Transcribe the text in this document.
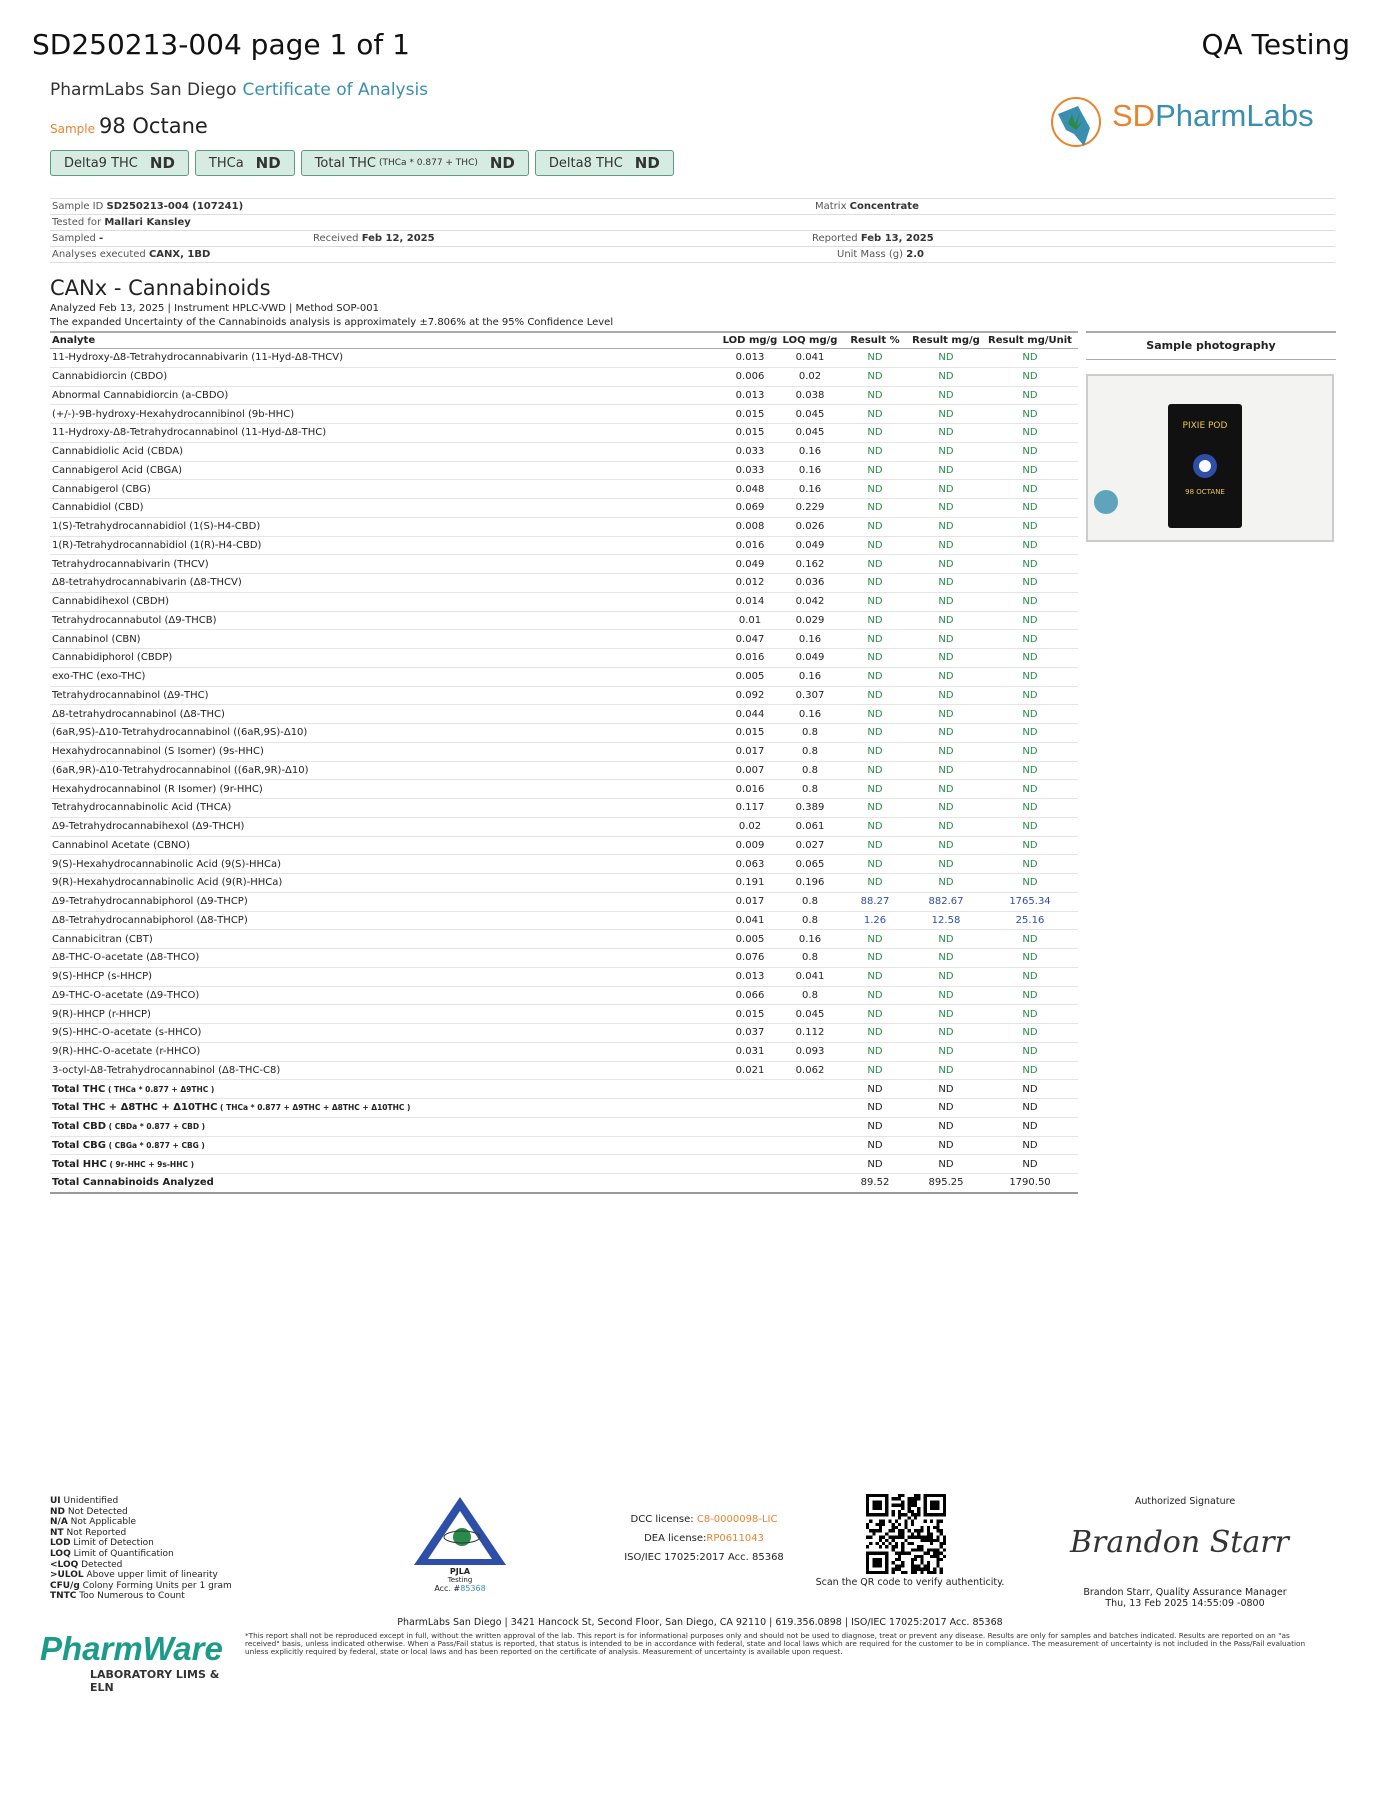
SD250213-004 page 1 of 1	QA Testing
PharmLabs San Diego Certificate of Analysis
Sample 98 Octane	SDPharmLabs
Delta9 THC ND	THCa ND	Total THC (THCa * 0.877 + THC) ND	Delta8 THC ND
Sample ID SD250213-004 (107241)	Matrix Concentrate
Tested for Mallari Kansley
Sampled -	Received Feb 12, 2025	Reported Feb 13, 2025
Analyses executed CANX, 1BD	Unit Mass (g) 2.0
CANx - Cannabinoids
Analyzed Feb 13, 2025 | Instrument HPLC-VWD | Method SOP-001
The expanded Uncertainty of the Cannabinoids analysis is approximately ±7.806% at the 95% Confidence Level
Analyte	LOD mg/g	LOQ mg/g	Result %	Result mg/g	Result mg/Unit
11-Hydroxy-Δ8-Tetrahydrocannabivarin (11-Hyd-Δ8-THCV)	0.013	0.041	ND	ND	ND
Cannabidiorcin (CBDO)	0.006	0.02	ND	ND	ND
Abnormal Cannabidiorcin (a-CBDO)	0.013	0.038	ND	ND	ND
(+/-)-9B-hydroxy-Hexahydrocannibinol (9b-HHC)	0.015	0.045	ND	ND	ND
11-Hydroxy-Δ8-Tetrahydrocannabinol (11-Hyd-Δ8-THC)	0.015	0.045	ND	ND	ND
Cannabidiolic Acid (CBDA)	0.033	0.16	ND	ND	ND
Cannabigerol Acid (CBGA)	0.033	0.16	ND	ND	ND
Cannabigerol (CBG)	0.048	0.16	ND	ND	ND
Cannabidiol (CBD)	0.069	0.229	ND	ND	ND
1(S)-Tetrahydrocannabidiol (1(S)-H4-CBD)	0.008	0.026	ND	ND	ND
1(R)-Tetrahydrocannabidiol (1(R)-H4-CBD)	0.016	0.049	ND	ND	ND
Tetrahydrocannabivarin (THCV)	0.049	0.162	ND	ND	ND
Δ8-tetrahydrocannabivarin (Δ8-THCV)	0.012	0.036	ND	ND	ND
Cannabidihexol (CBDH)	0.014	0.042	ND	ND	ND
Tetrahydrocannabutol (Δ9-THCB)	0.01	0.029	ND	ND	ND
Cannabinol (CBN)	0.047	0.16	ND	ND	ND
Cannabidiphorol (CBDP)	0.016	0.049	ND	ND	ND
exo-THC (exo-THC)	0.005	0.16	ND	ND	ND
Tetrahydrocannabinol (Δ9-THC)	0.092	0.307	ND	ND	ND
Δ8-tetrahydrocannabinol (Δ8-THC)	0.044	0.16	ND	ND	ND
(6aR,9S)-Δ10-Tetrahydrocannabinol ((6aR,9S)-Δ10)	0.015	0.8	ND	ND	ND
Hexahydrocannabinol (S Isomer) (9s-HHC)	0.017	0.8	ND	ND	ND
(6aR,9R)-Δ10-Tetrahydrocannabinol ((6aR,9R)-Δ10)	0.007	0.8	ND	ND	ND
Hexahydrocannabinol (R Isomer) (9r-HHC)	0.016	0.8	ND	ND	ND
Tetrahydrocannabinolic Acid (THCA)	0.117	0.389	ND	ND	ND
Δ9-Tetrahydrocannabihexol (Δ9-THCH)	0.02	0.061	ND	ND	ND
Cannabinol Acetate (CBNO)	0.009	0.027	ND	ND	ND
9(S)-Hexahydrocannabinolic Acid (9(S)-HHCa)	0.063	0.065	ND	ND	ND
9(R)-Hexahydrocannabinolic Acid (9(R)-HHCa)	0.191	0.196	ND	ND	ND
Δ9-Tetrahydrocannabiphorol (Δ9-THCP)	0.017	0.8	88.27	882.67	1765.34
Δ8-Tetrahydrocannabiphorol (Δ8-THCP)	0.041	0.8	1.26	12.58	25.16
Cannabicitran (CBT)	0.005	0.16	ND	ND	ND
Δ8-THC-O-acetate (Δ8-THCO)	0.076	0.8	ND	ND	ND
9(S)-HHCP (s-HHCP)	0.013	0.041	ND	ND	ND
Δ9-THC-O-acetate (Δ9-THCO)	0.066	0.8	ND	ND	ND
9(R)-HHCP (r-HHCP)	0.015	0.045	ND	ND	ND
9(S)-HHC-O-acetate (s-HHCO)	0.037	0.112	ND	ND	ND
9(R)-HHC-O-acetate (r-HHCO)	0.031	0.093	ND	ND	ND
3-octyl-Δ8-Tetrahydrocannabinol (Δ8-THC-C8)	0.021	0.062	ND	ND	ND
Total THC ( THCa * 0.877 + Δ9THC )			ND	ND	ND
Total THC + Δ8THC + Δ10THC ( THCa * 0.877 + Δ9THC + Δ8THC + Δ10THC )			ND	ND	ND
Total CBD ( CBDa * 0.877 + CBD )			ND	ND	ND
Total CBG ( CBGa * 0.877 + CBG )			ND	ND	ND
Total HHC ( 9r-HHC + 9s-HHC )			ND	ND	ND
Total Cannabinoids Analyzed			89.52	895.25	1790.50
Sample photography
PIXIE POD
98 OCTANE
UI Unidentified
ND Not Detected
N/A Not Applicable
NT Not Reported
LOD Limit of Detection
LOQ Limit of Quantification
<LOQ Detected
>ULOL Above upper limit of linearity
CFU/g Colony Forming Units per 1 gram
TNTC Too Numerous to Count
PJLA
Testing
Acc. #85368
DCC license: C8-0000098-LIC
DEA license:RP0611043
ISO/IEC 17025:2017 Acc. 85368
Scan the QR code to verify authenticity.
Authorized Signature
Brandon Starr
Brandon Starr, Quality Assurance Manager
Thu, 13 Feb 2025 14:55:09 -0800
PharmLabs San Diego | 3421 Hancock St, Second Floor, San Diego, CA 92110 | 619.356.0898 | ISO/IEC 17025:2017 Acc. 85368
*This report shall not be reproduced except in full, without the written approval of the lab. This report is for informational purposes only and should not be used to diagnose, treat or prevent any disease. Results are only for samples and batches indicated. Results are reported on an "as received" basis, unless indicated otherwise. When a Pass/Fail status is reported, that status is intended to be in accordance with federal, state and local laws which are required for the customer to be in compliance. The measurement of uncertainty is not included in the Pass/Fail evaluation unless explicitly required by federal, state or local laws and has been reported on the certificate of analysis. Measurement of uncertainty is available upon request.
PharmWare
LABORATORY LIMS & ELN
